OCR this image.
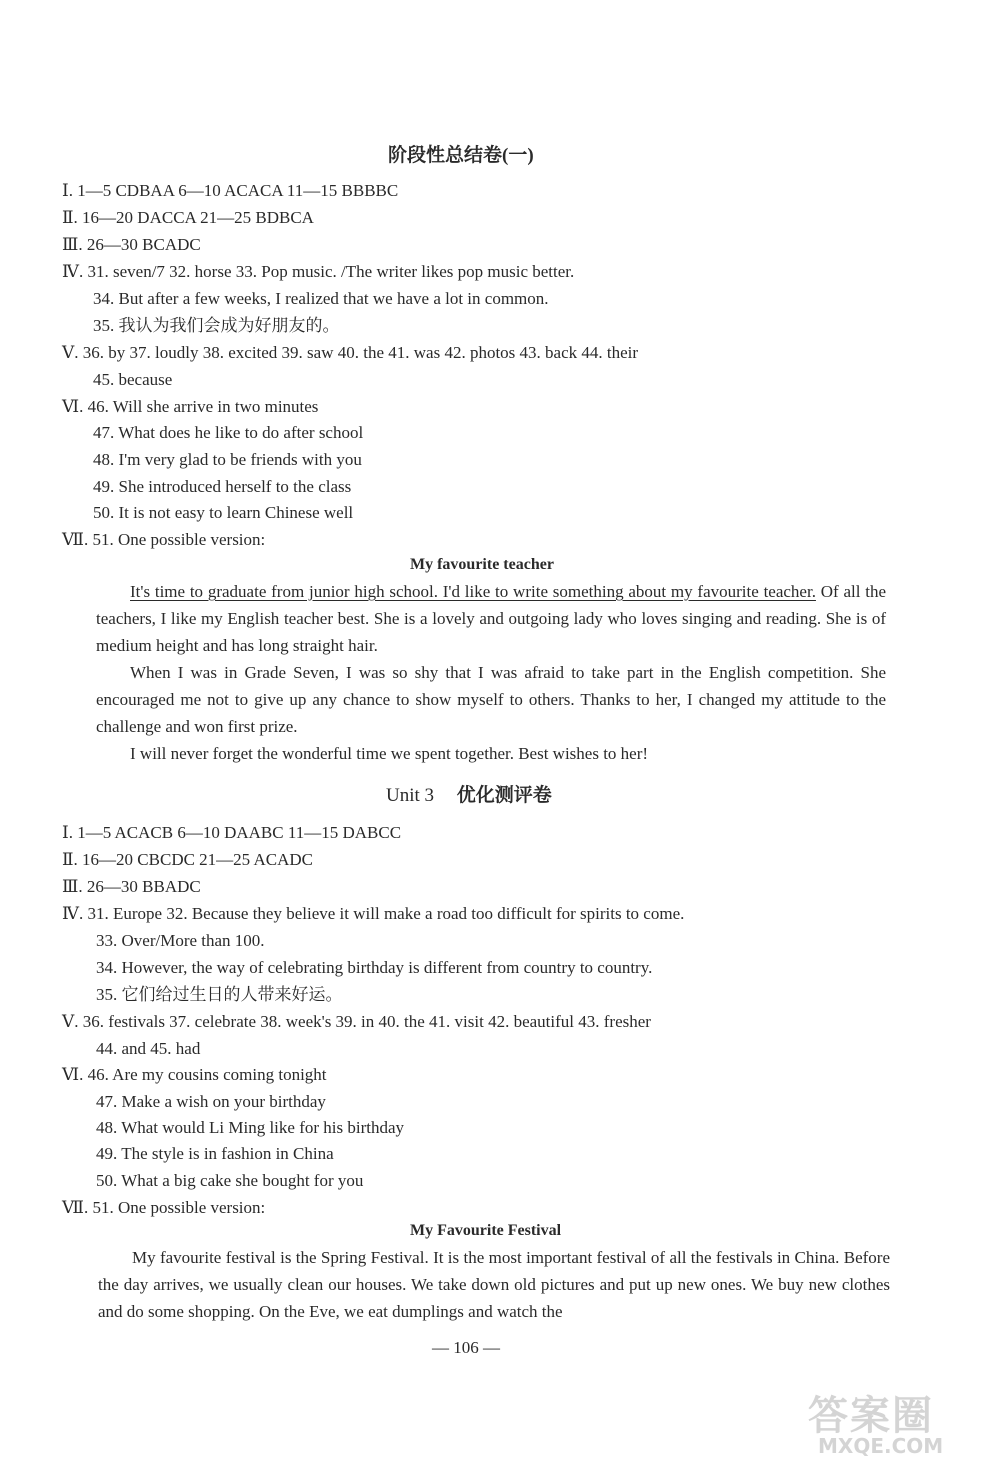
阶段性总结卷(一)
Ⅰ. 1—5 CDBAA 6—10 ACACA 11—15 BBBBC
Ⅱ. 16—20 DACCA 21—25 BDBCA
Ⅲ. 26—30 BCADC
Ⅳ. 31. seven/7 32. horse 33. Pop music. /The writer likes pop music better.
34. But after a few weeks, I realized that we have a lot in common.
35. 我认为我们会成为好朋友的。
Ⅴ. 36. by 37. loudly 38. excited 39. saw 40. the 41. was 42. photos 43. back 44. their
45. because
Ⅵ. 46. Will she arrive in two minutes
47. What does he like to do after school
48. I'm very glad to be friends with you
49. She introduced herself to the class
50. It is not easy to learn Chinese well
Ⅶ. 51. One possible version:
My favourite teacher
It's time to graduate from junior high school. I'd like to write something about my favourite teacher. Of all the teachers, I like my English teacher best. She is a lovely and outgoing lady who loves singing and reading. She is of medium height and has long straight hair.
When I was in Grade Seven, I was so shy that I was afraid to take part in the English competition. She encouraged me not to give up any chance to show myself to others. Thanks to her, I changed my attitude to the challenge and won first prize.
I will never forget the wonderful time we spent together. Best wishes to her!
Unit 3 优化测评卷
Ⅰ. 1—5 ACACB 6—10 DAABC 11—15 DABCC
Ⅱ. 16—20 CBCDC 21—25 ACADC
Ⅲ. 26—30 BBADC
Ⅳ. 31. Europe 32. Because they believe it will make a road too difficult for spirits to come.
33. Over/More than 100.
34. However, the way of celebrating birthday is different from country to country.
35. 它们给过生日的人带来好运。
Ⅴ. 36. festivals 37. celebrate 38. week's 39. in 40. the 41. visit 42. beautiful 43. fresher
44. and 45. had
Ⅵ. 46. Are my cousins coming tonight
47. Make a wish on your birthday
48. What would Li Ming like for his birthday
49. The style is in fashion in China
50. What a big cake she bought for you
Ⅶ. 51. One possible version:
My Favourite Festival
My favourite festival is the Spring Festival. It is the most important festival of all the festivals in China. Before the day arrives, we usually clean our houses. We take down old pictures and put up new ones. We buy new clothes and do some shopping. On the Eve, we eat dumplings and watch the
— 106 —
答案圈
MXQE.COM
